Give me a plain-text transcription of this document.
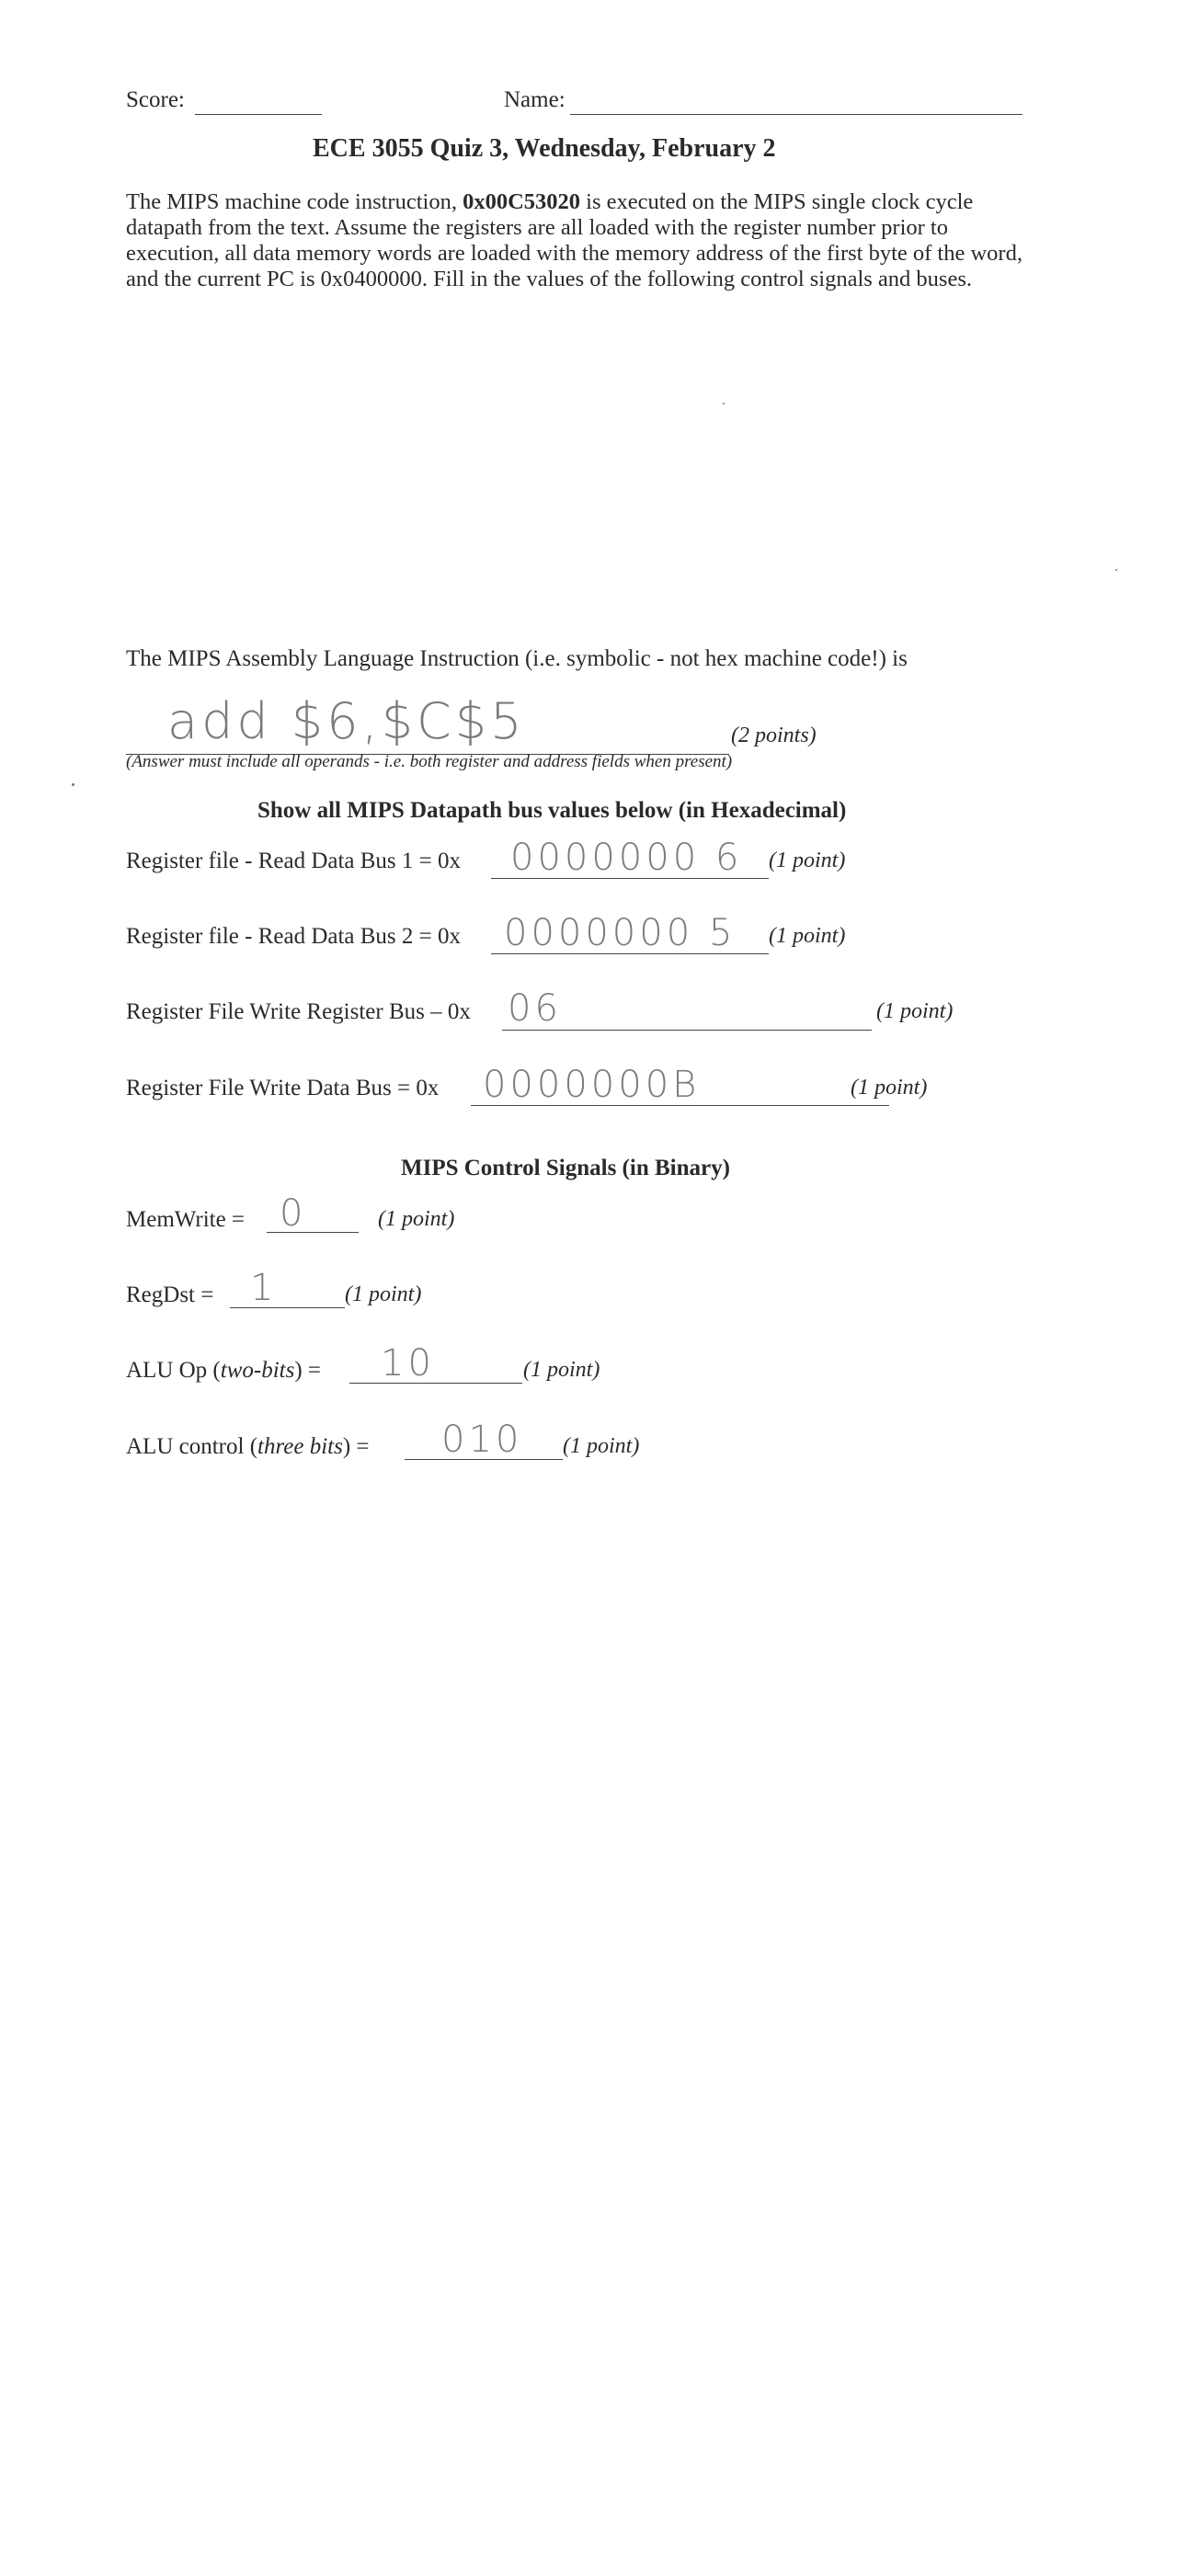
Score:	Name:
ECE 3055 Quiz 3, Wednesday, February 2
The MIPS machine code instruction, 0x00C53020 is executed on the MIPS single clock cycle datapath from the text. Assume the registers are all loaded with the register number prior to execution, all data memory words are loaded with the memory address of the first byte of the word, and the current PC is 0x0400000. Fill in the values of the following control signals and buses.
The MIPS Assembly Language Instruction (i.e. symbolic - not hex machine code!) is
add $6,$C$5	(2 points)
(Answer must include all operands - i.e. both register and address fields when present)
Show all MIPS Datapath bus values below (in Hexadecimal)
Register file - Read Data Bus 1 = 0x 0000000 6 (1 point)
Register file - Read Data Bus 2 = 0x 0000000 5 (1 point)
Register File Write Register Bus – 0x 06	(1 point)
Register File Write Data Bus = 0x 0000000B	(1 point)
MIPS Control Signals (in Binary)
MemWrite = 0	(1 point)
RegDst = 1	(1 point)
ALU Op (two-bits) = 10	(1 point)
ALU control (three bits) = 010 (1 point)
